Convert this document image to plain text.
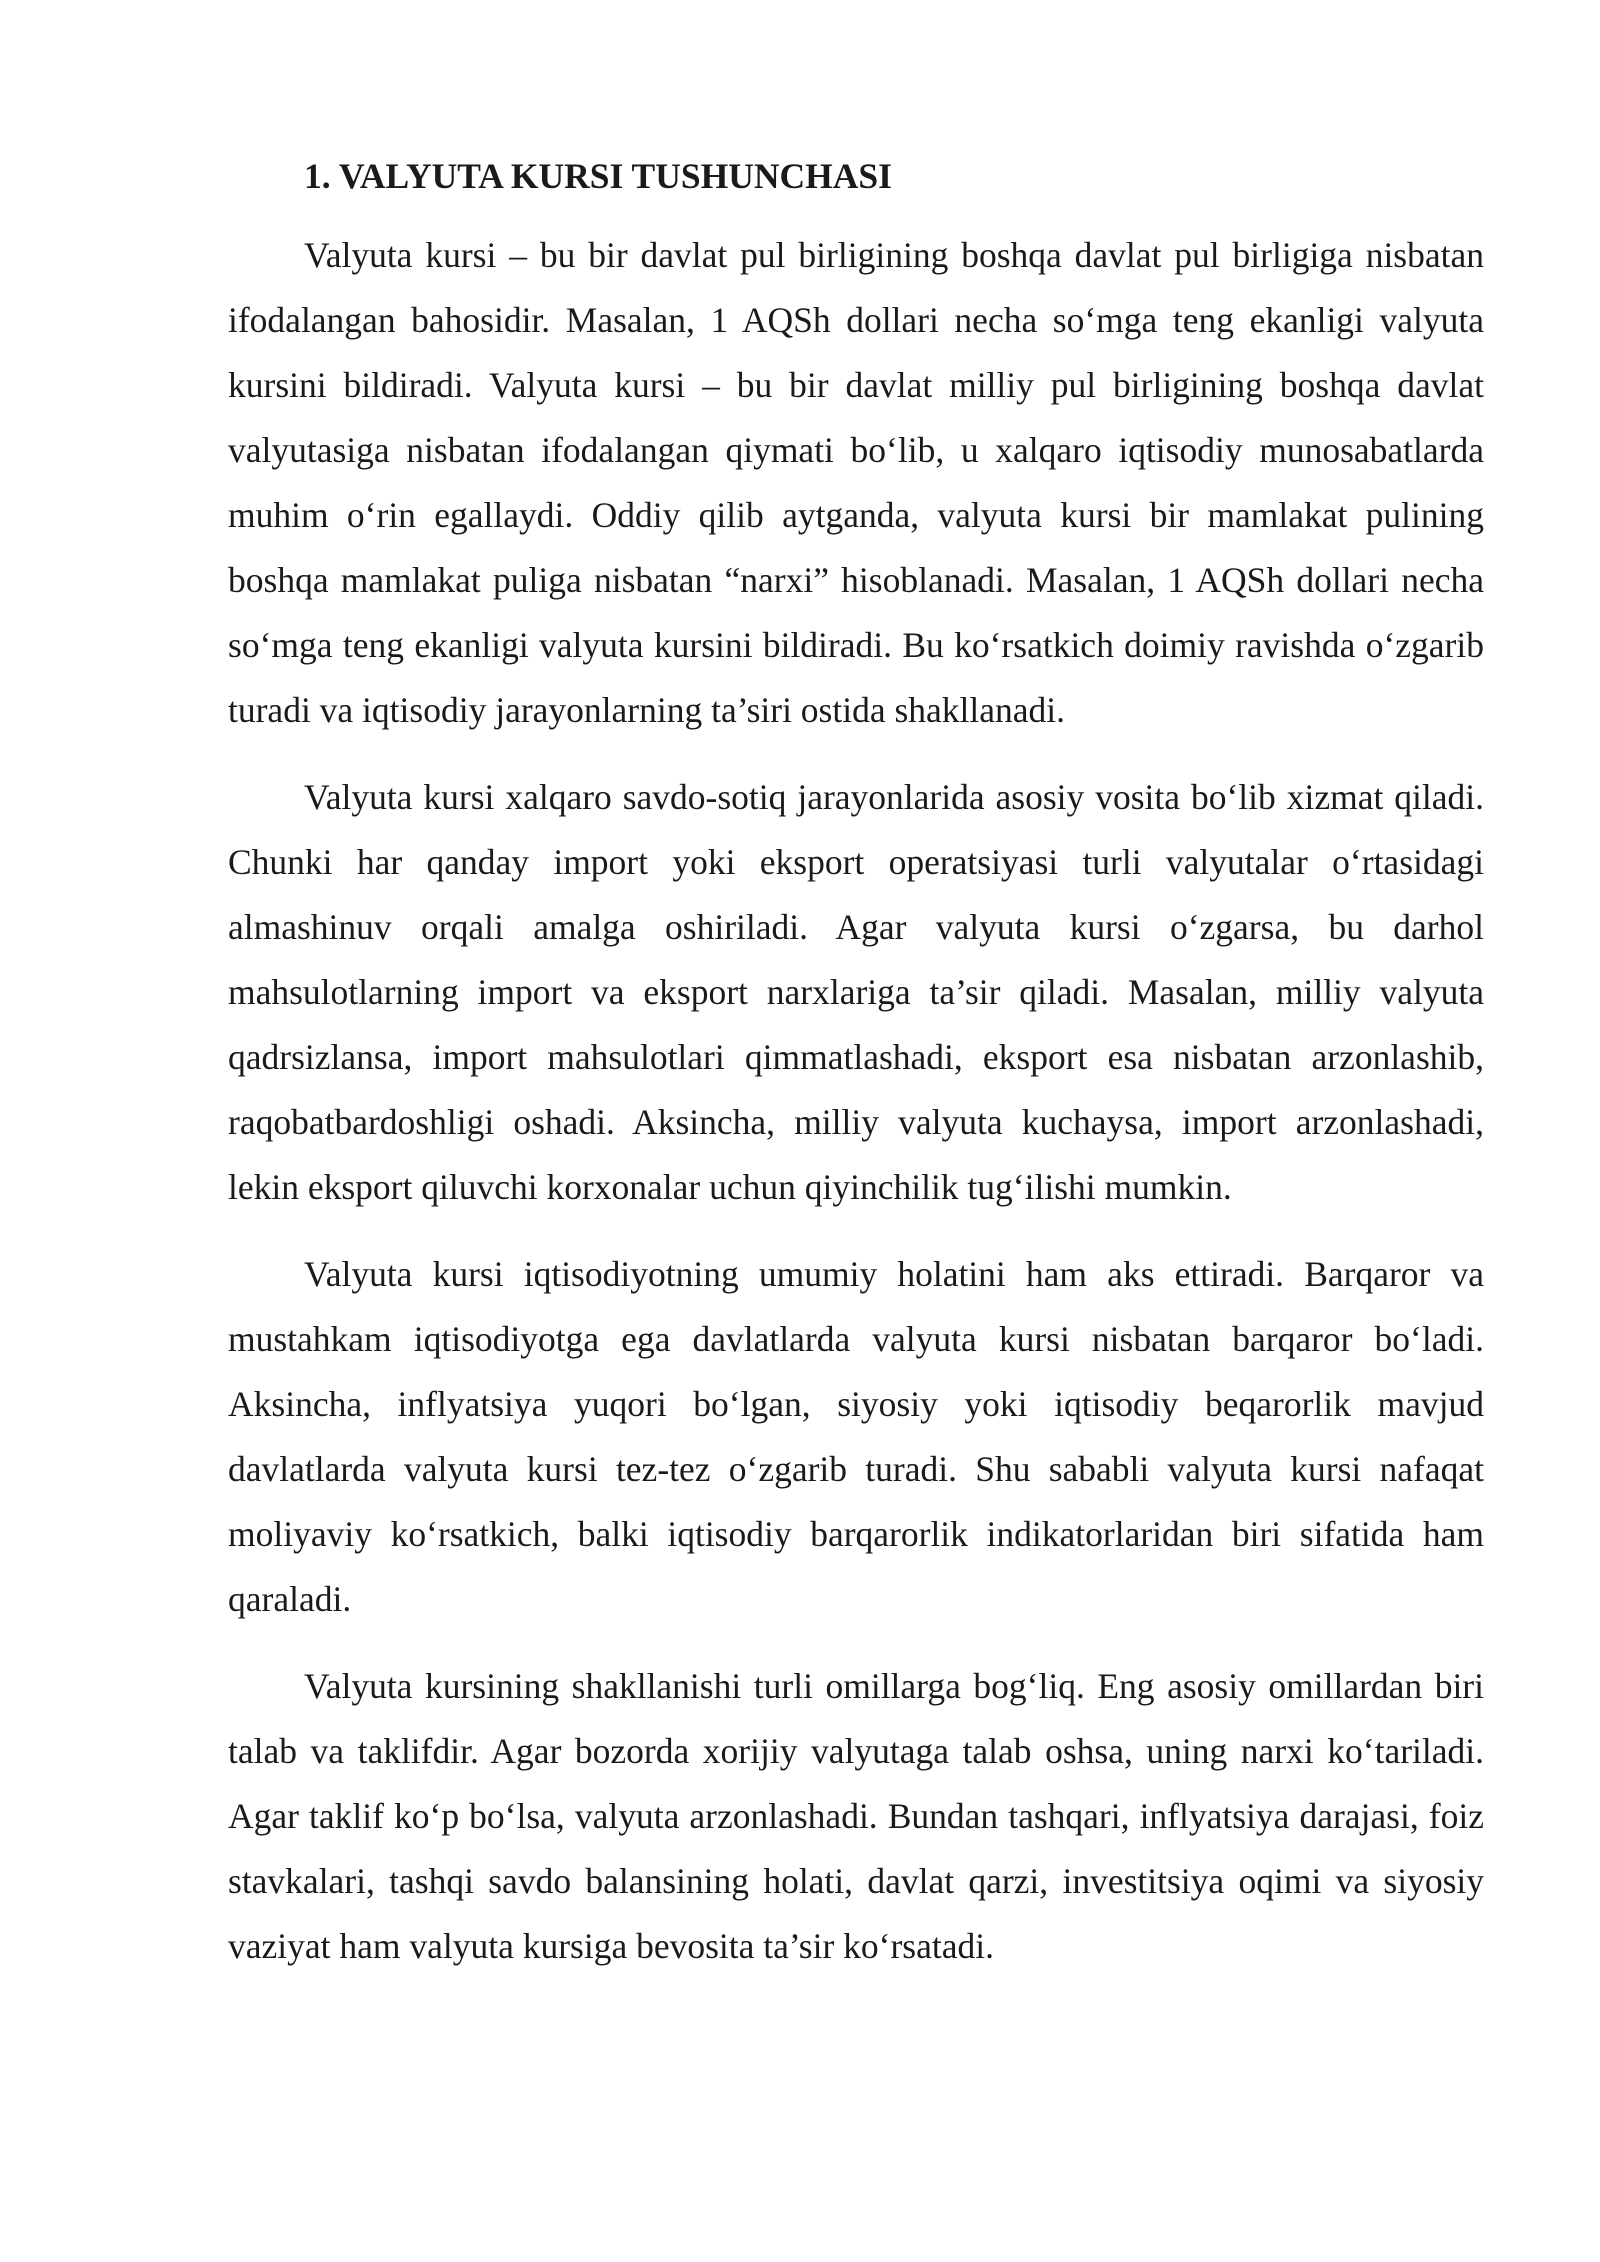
1. VALYUTA KURSI TUSHUNCHASI

Valyuta kursi – bu bir davlat pul birligining boshqa davlat pul birligiga nisbatan ifodalangan bahosidir. Masalan, 1 AQSh dollari necha so‘mga teng ekanligi valyuta kursini bildiradi. Valyuta kursi – bu bir davlat milliy pul birligining boshqa davlat valyutasiga nisbatan ifodalangan qiymati bo‘lib, u xalqaro iqtisodiy munosabatlarda muhim o‘rin egallaydi. Oddiy qilib aytganda, valyuta kursi bir mamlakat pulining boshqa mamlakat puliga nisbatan “narxi” hisoblanadi. Masalan, 1 AQSh dollari necha so‘mga teng ekanligi valyuta kursini bildiradi. Bu ko‘rsatkich doimiy ravishda o‘zgarib turadi va iqtisodiy jarayonlarning ta’siri ostida shakllanadi.

Valyuta kursi xalqaro savdo-sotiq jarayonlarida asosiy vosita bo‘lib xizmat qiladi. Chunki har qanday import yoki eksport operatsiyasi turli valyutalar o‘rtasidagi almashinuv orqali amalga oshiriladi. Agar valyuta kursi o‘zgarsa, bu darhol mahsulotlarning import va eksport narxlariga ta’sir qiladi. Masalan, milliy valyuta qadrsizlansa, import mahsulotlari qimmatlashadi, eksport esa nisbatan arzonlashib, raqobatbardoshligi oshadi. Aksincha, milliy valyuta kuchaysa, import arzonlashadi, lekin eksport qiluvchi korxonalar uchun qiyinchilik tug‘ilishi mumkin.

Valyuta kursi iqtisodiyotning umumiy holatini ham aks ettiradi. Barqaror va mustahkam iqtisodiyotga ega davlatlarda valyuta kursi nisbatan barqaror bo‘ladi. Aksincha, inflyatsiya yuqori bo‘lgan, siyosiy yoki iqtisodiy beqarorlik mavjud davlatlarda valyuta kursi tez-tez o‘zgarib turadi. Shu sababli valyuta kursi nafaqat moliyaviy ko‘rsatkich, balki iqtisodiy barqarorlik indikatorlaridan biri sifatida ham qaraladi.

Valyuta kursining shakllanishi turli omillarga bog‘liq. Eng asosiy omillardan biri talab va taklifdir. Agar bozorda xorijiy valyutaga talab oshsa, uning narxi ko‘tariladi. Agar taklif ko‘p bo‘lsa, valyuta arzonlashadi. Bundan tashqari, inflyatsiya darajasi, foiz stavkalari, tashqi savdo balansining holati, davlat qarzi, investitsiya oqimi va siyosiy vaziyat ham valyuta kursiga bevosita ta’sir ko‘rsatadi.
